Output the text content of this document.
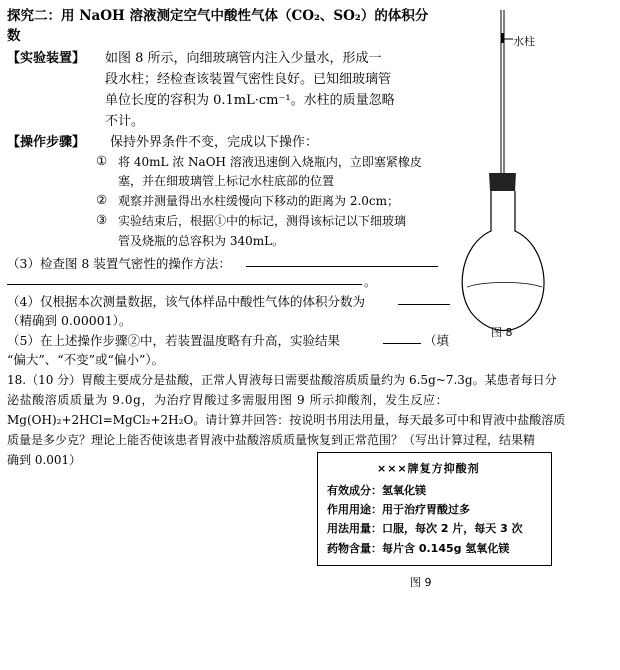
探究二：用 NaOH 溶液测定空气中酸性气体（CO₂、SO₂）的体积分
数
【实验装置】 如图 8 所示，向细玻璃管内注入少量水，形成一
段水柱；经检查该装置气密性良好。已知细玻璃管
单位长度的容积为 0.1mL·cm⁻¹。水柱的质量忽略
不计。
【操作步骤】 保持外界条件不变，完成以下操作：
① 将 40mL 浓 NaOH 溶液迅速倒入烧瓶内，立即塞紧橡皮
塞，并在细玻璃管上标记水柱底部的位置
② 观察并测量得出水柱缓慢向下移动的距离为 2.0cm；
③ 实验结束后，根据①中的标记，测得该标记以下细玻璃
管及烧瓶的总容积为 340mL。
（3）检查图 8 装置气密性的操作方法：
。
（4）仅根据本次测量数据，该气体样品中酸性气体的体积分数为
（精确到 0.00001）。
（5）在上述操作步骤②中，若装置温度略有升高，实验结果	（填
“偏大”、“不变”或“偏小”）。
18.（10 分）胃酸主要成分是盐酸，正常人胃液每日需要盐酸溶质质量约为 6.5g~7.3g。某患者每日分
泌盐酸溶质质量为 9.0g，为治疗胃酸过多需服用图 9 所示抑酸剂，发生反应：
Mg(OH)₂+2HCl=MgCl₂+2H₂O。请计算并回答：按说明书用法用量，每天最多可中和胃液中盐酸溶质
质量是多少克？理论上能否使该患者胃液中盐酸溶质质量恢复到正常范围？（写出计算过程，结果精
确到 0.001）
水柱
图 8
×××牌复方抑酸剂
有效成分：氢氧化镁
作用用途：用于治疗胃酸过多
用法用量：口服，每次 2 片，每天 3 次
药物含量：每片含 0.145g 氢氧化镁
图 9
